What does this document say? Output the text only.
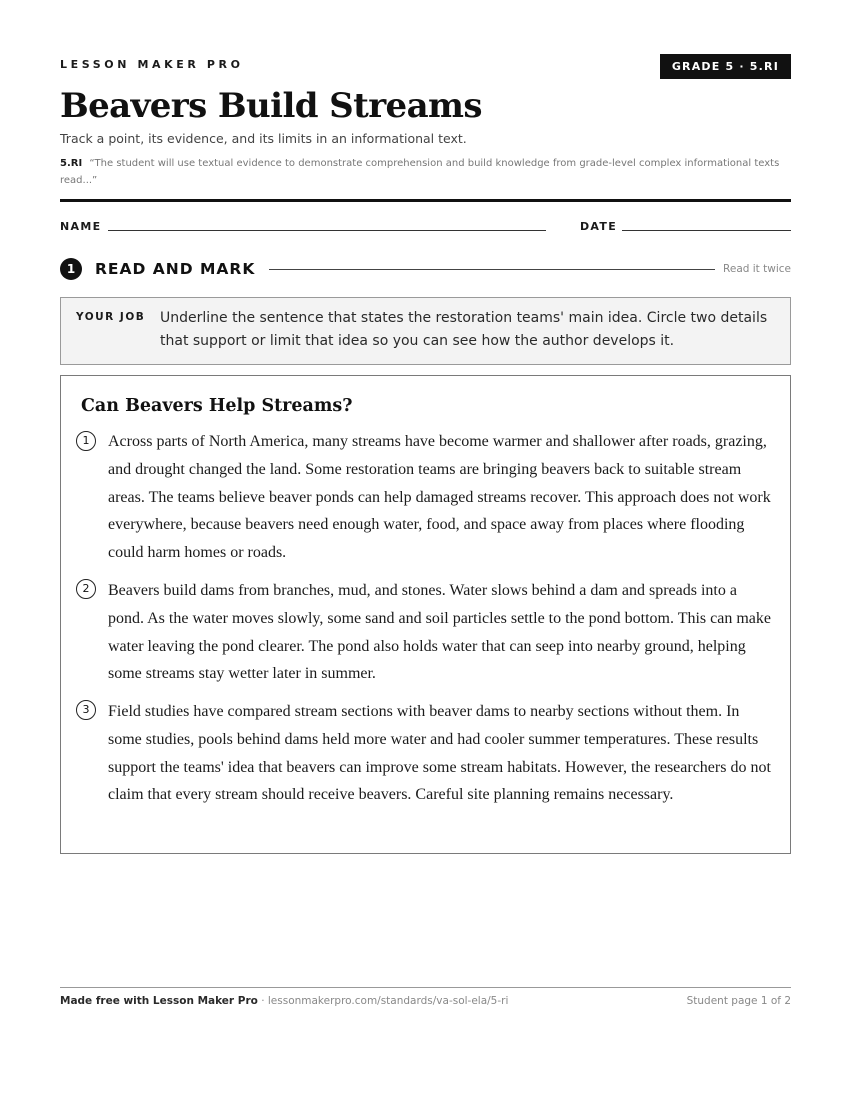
LESSON MAKER PRO	GRADE 5 · 5.RI
Beavers Build Streams
Track a point, its evidence, and its limits in an informational text.
5.RI “The student will use textual evidence to demonstrate comprehension and build knowledge from grade-level complex informational texts read...”
NAME	DATE
1	READ AND MARK	Read it twice
YOUR JOB Underline the sentence that states the restoration teams' main idea. Circle two details that support or limit that idea so you can see how the author develops it.
Can Beavers Help Streams?
1	Across parts of North America, many streams have become warmer and shallower after roads, grazing, and drought changed the land. Some restoration teams are bringing beavers back to suitable stream areas. The teams believe beaver ponds can help damaged streams recover. This approach does not work everywhere, because beavers need enough water, food, and space away from places where flooding could harm homes or roads.

2	Beavers build dams from branches, mud, and stones. Water slows behind a dam and spreads into a pond. As the water moves slowly, some sand and soil particles settle to the pond bottom. This can make water leaving the pond clearer. The pond also holds water that can seep into nearby ground, helping some streams stay wetter later in summer.

3	Field studies have compared stream sections with beaver dams to nearby sections without them. In some studies, pools behind dams held more water and had cooler summer temperatures. These results support the teams' idea that beavers can improve some stream habitats. However, the researchers do not claim that every stream should receive beavers. Careful site planning remains necessary.

Made free with Lesson Maker Pro · lessonmakerpro.com/standards/va-sol-ela/5-ri	Student page 1 of 2
